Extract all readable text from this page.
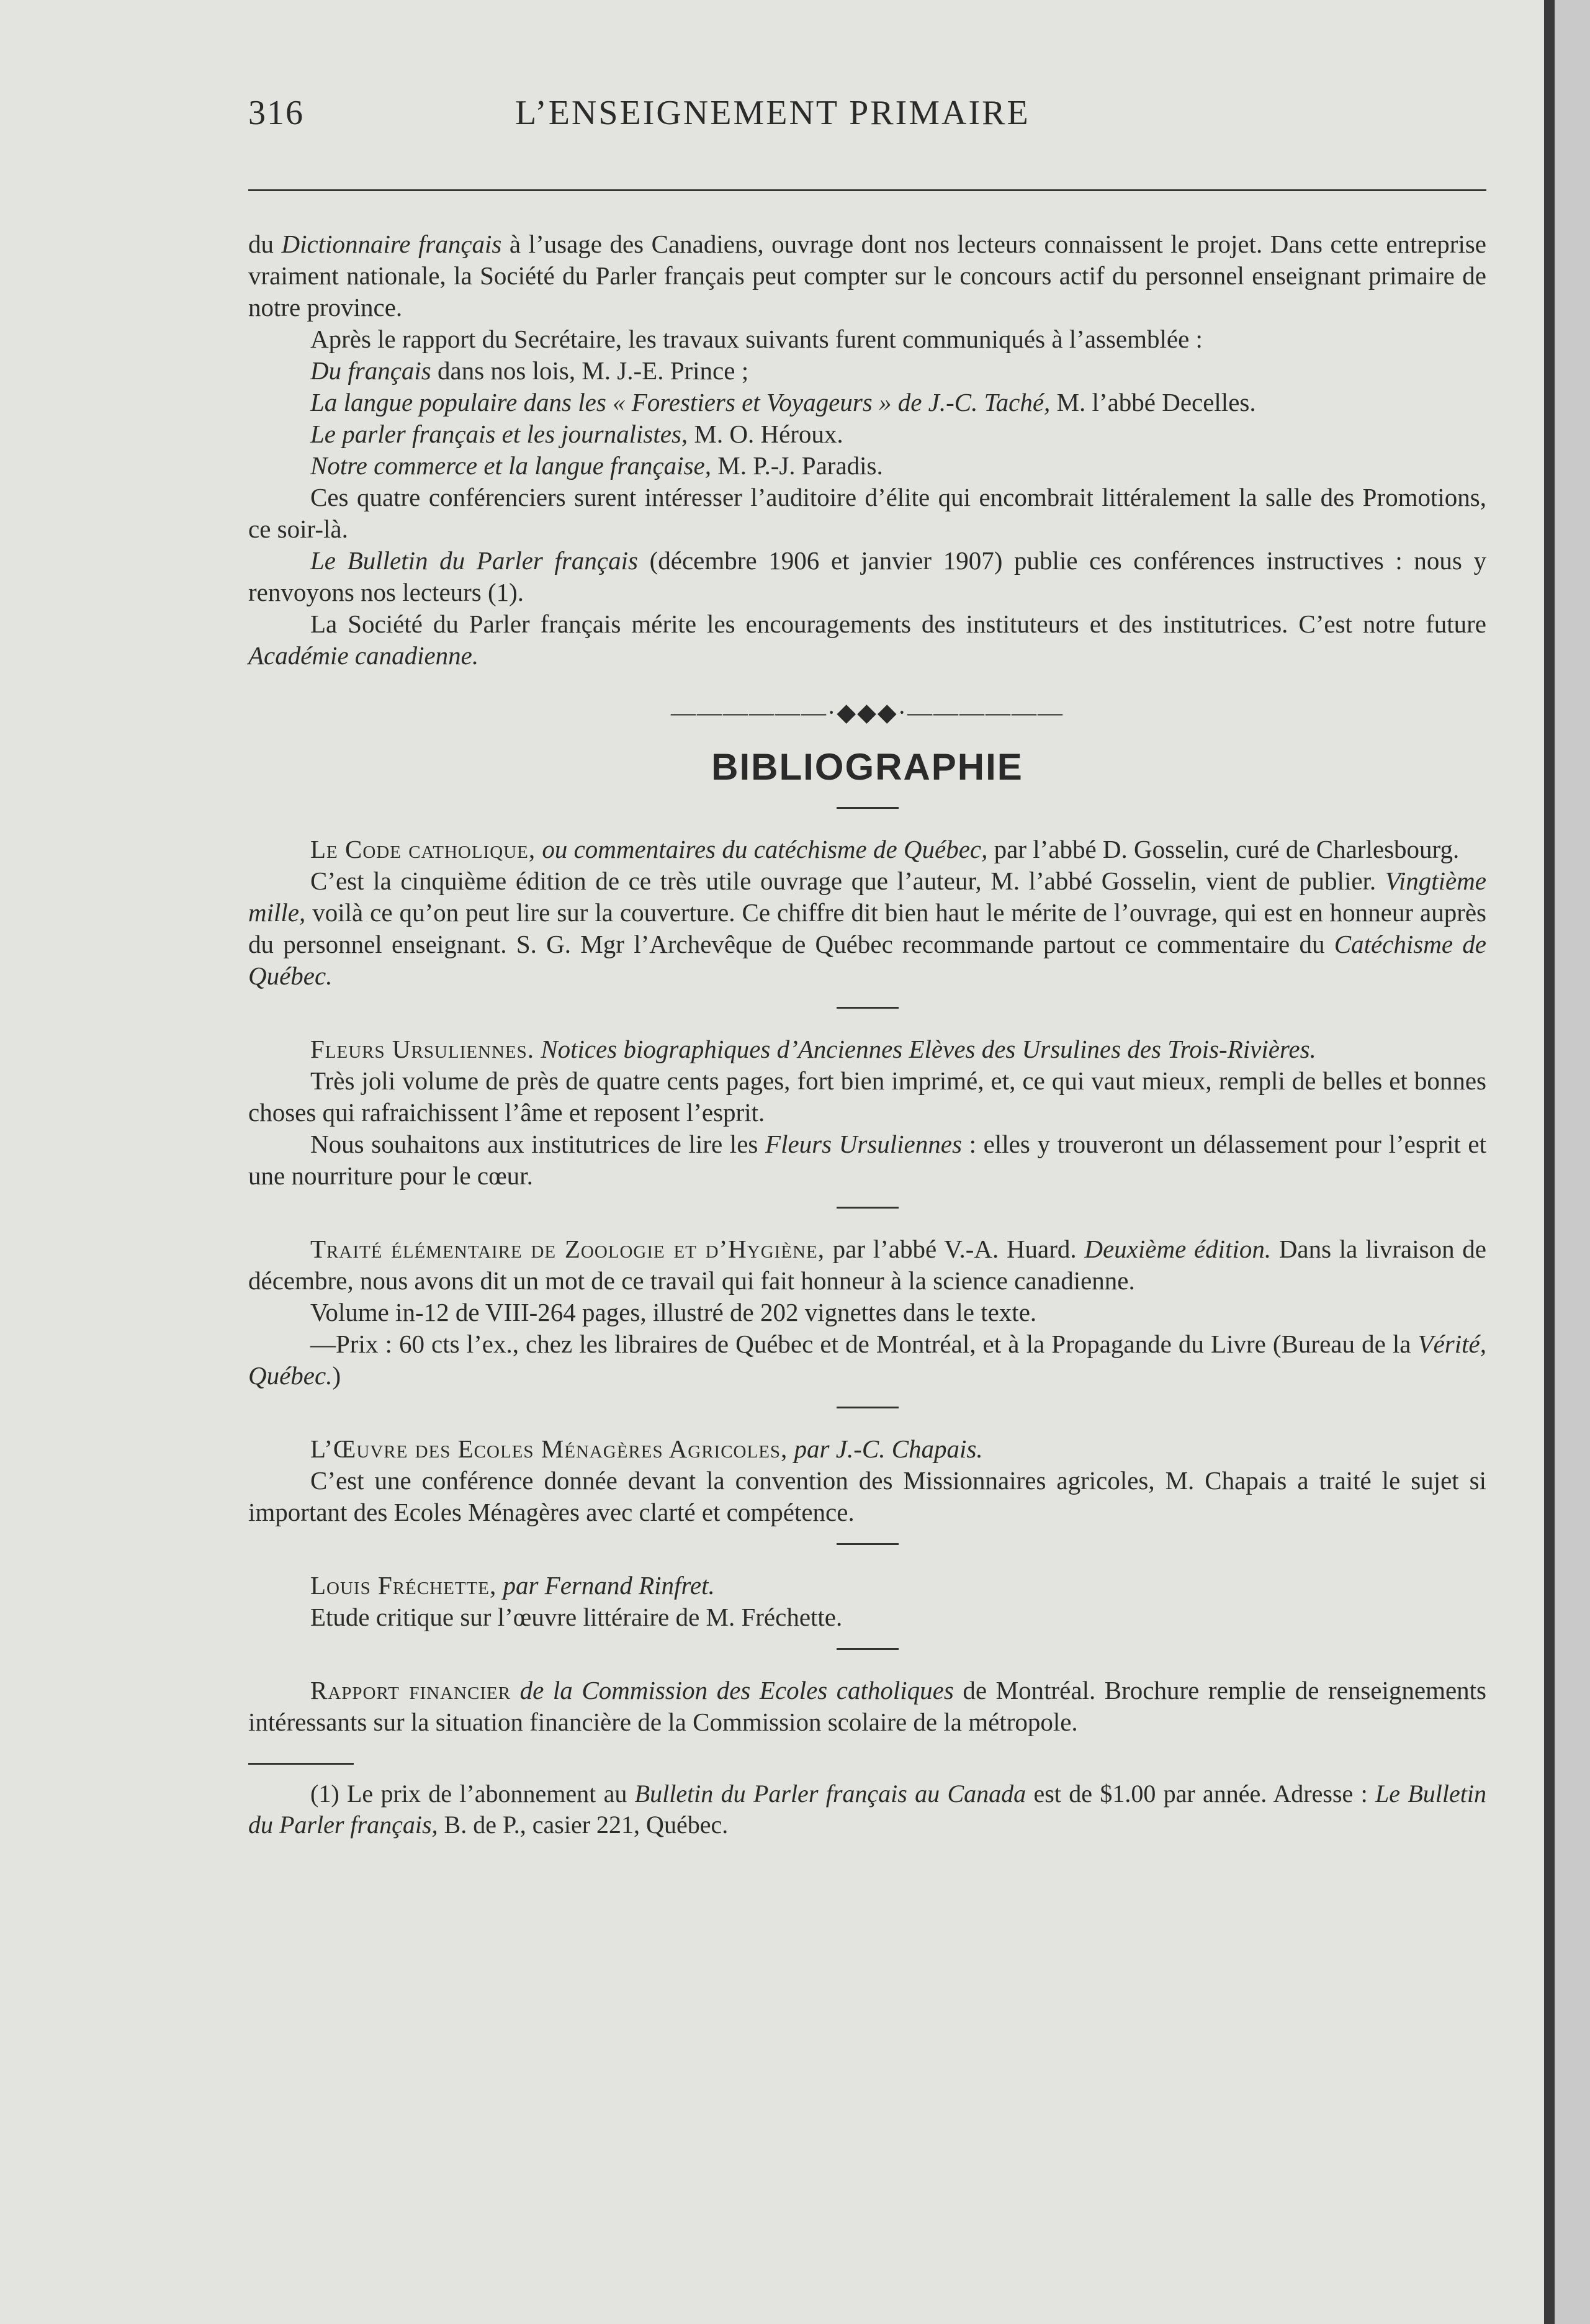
316	L’ENSEIGNEMENT PRIMAIRE

du Dictionnaire français à l’usage des Canadiens, ouvrage dont nos lecteurs connaissent le projet. Dans cette entreprise vraiment nationale, la Société du Parler français peut compter sur le concours actif du personnel enseignant primaire de notre province.

Après le rapport du Secrétaire, les travaux suivants furent communiqués à l’assemblée :

Du français dans nos lois, M. J.-E. Prince ;

La langue populaire dans les « Forestiers et Voyageurs » de J.-C. Taché, M. l’abbé Decelles.

Le parler français et les journalistes, M. O. Héroux.

Notre commerce et la langue française, M. P.-J. Paradis.

Ces quatre conférenciers surent intéresser l’auditoire d’élite qui encombrait littéralement la salle des Promotions, ce soir-là.

Le Bulletin du Parler français (décembre 1906 et janvier 1907) publie ces conférences instructives : nous y renvoyons nos lecteurs (1).

La Société du Parler français mérite les encouragements des instituteurs et des institutrices. C’est notre future Académie canadienne.

——————·◆◆◆·——————
BIBLIOGRAPHIE

Le Code catholique, ou commentaires du catéchisme de Québec, par l’abbé D. Gosselin, curé de Charlesbourg.

C’est la cinquième édition de ce très utile ouvrage que l’auteur, M. l’abbé Gosselin, vient de publier. Vingtième mille, voilà ce qu’on peut lire sur la couverture. Ce chiffre dit bien haut le mérite de l’ouvrage, qui est en honneur auprès du personnel enseignant. S. G. Mgr l’Archevêque de Québec recommande partout ce commentaire du Catéchisme de Québec.

Fleurs Ursuliennes. Notices biographiques d’Anciennes Elèves des Ursulines des Trois-Rivières.

Très joli volume de près de quatre cents pages, fort bien imprimé, et, ce qui vaut mieux, rempli de belles et bonnes choses qui rafraichissent l’âme et reposent l’esprit.

Nous souhaitons aux institutrices de lire les Fleurs Ursuliennes : elles y trouveront un délassement pour l’esprit et une nourriture pour le cœur.

Traité élémentaire de Zoologie et d’Hygiène, par l’abbé V.-A. Huard. Deuxième édition. Dans la livraison de décembre, nous avons dit un mot de ce travail qui fait honneur à la science canadienne.

Volume in-12 de VIII-264 pages, illustré de 202 vignettes dans le texte.

—Prix : 60 cts l’ex., chez les libraires de Québec et de Montréal, et à la Propagande du Livre (Bureau de la Vérité, Québec.)

L’Œuvre des Ecoles Ménagères Agricoles, par J.-C. Chapais.

C’est une conférence donnée devant la convention des Missionnaires agricoles, M. Chapais a traité le sujet si important des Ecoles Ménagères avec clarté et compétence.

Louis Fréchette, par Fernand Rinfret.

Etude critique sur l’œuvre littéraire de M. Fréchette.

Rapport financier de la Commission des Ecoles catholiques de Montréal. Brochure remplie de renseignements intéressants sur la situation financière de la Commission scolaire de la métropole.

(1) Le prix de l’abonnement au Bulletin du Parler français au Canada est de $1.00 par année. Adresse : Le Bulletin du Parler français, B. de P., casier 221, Québec.
